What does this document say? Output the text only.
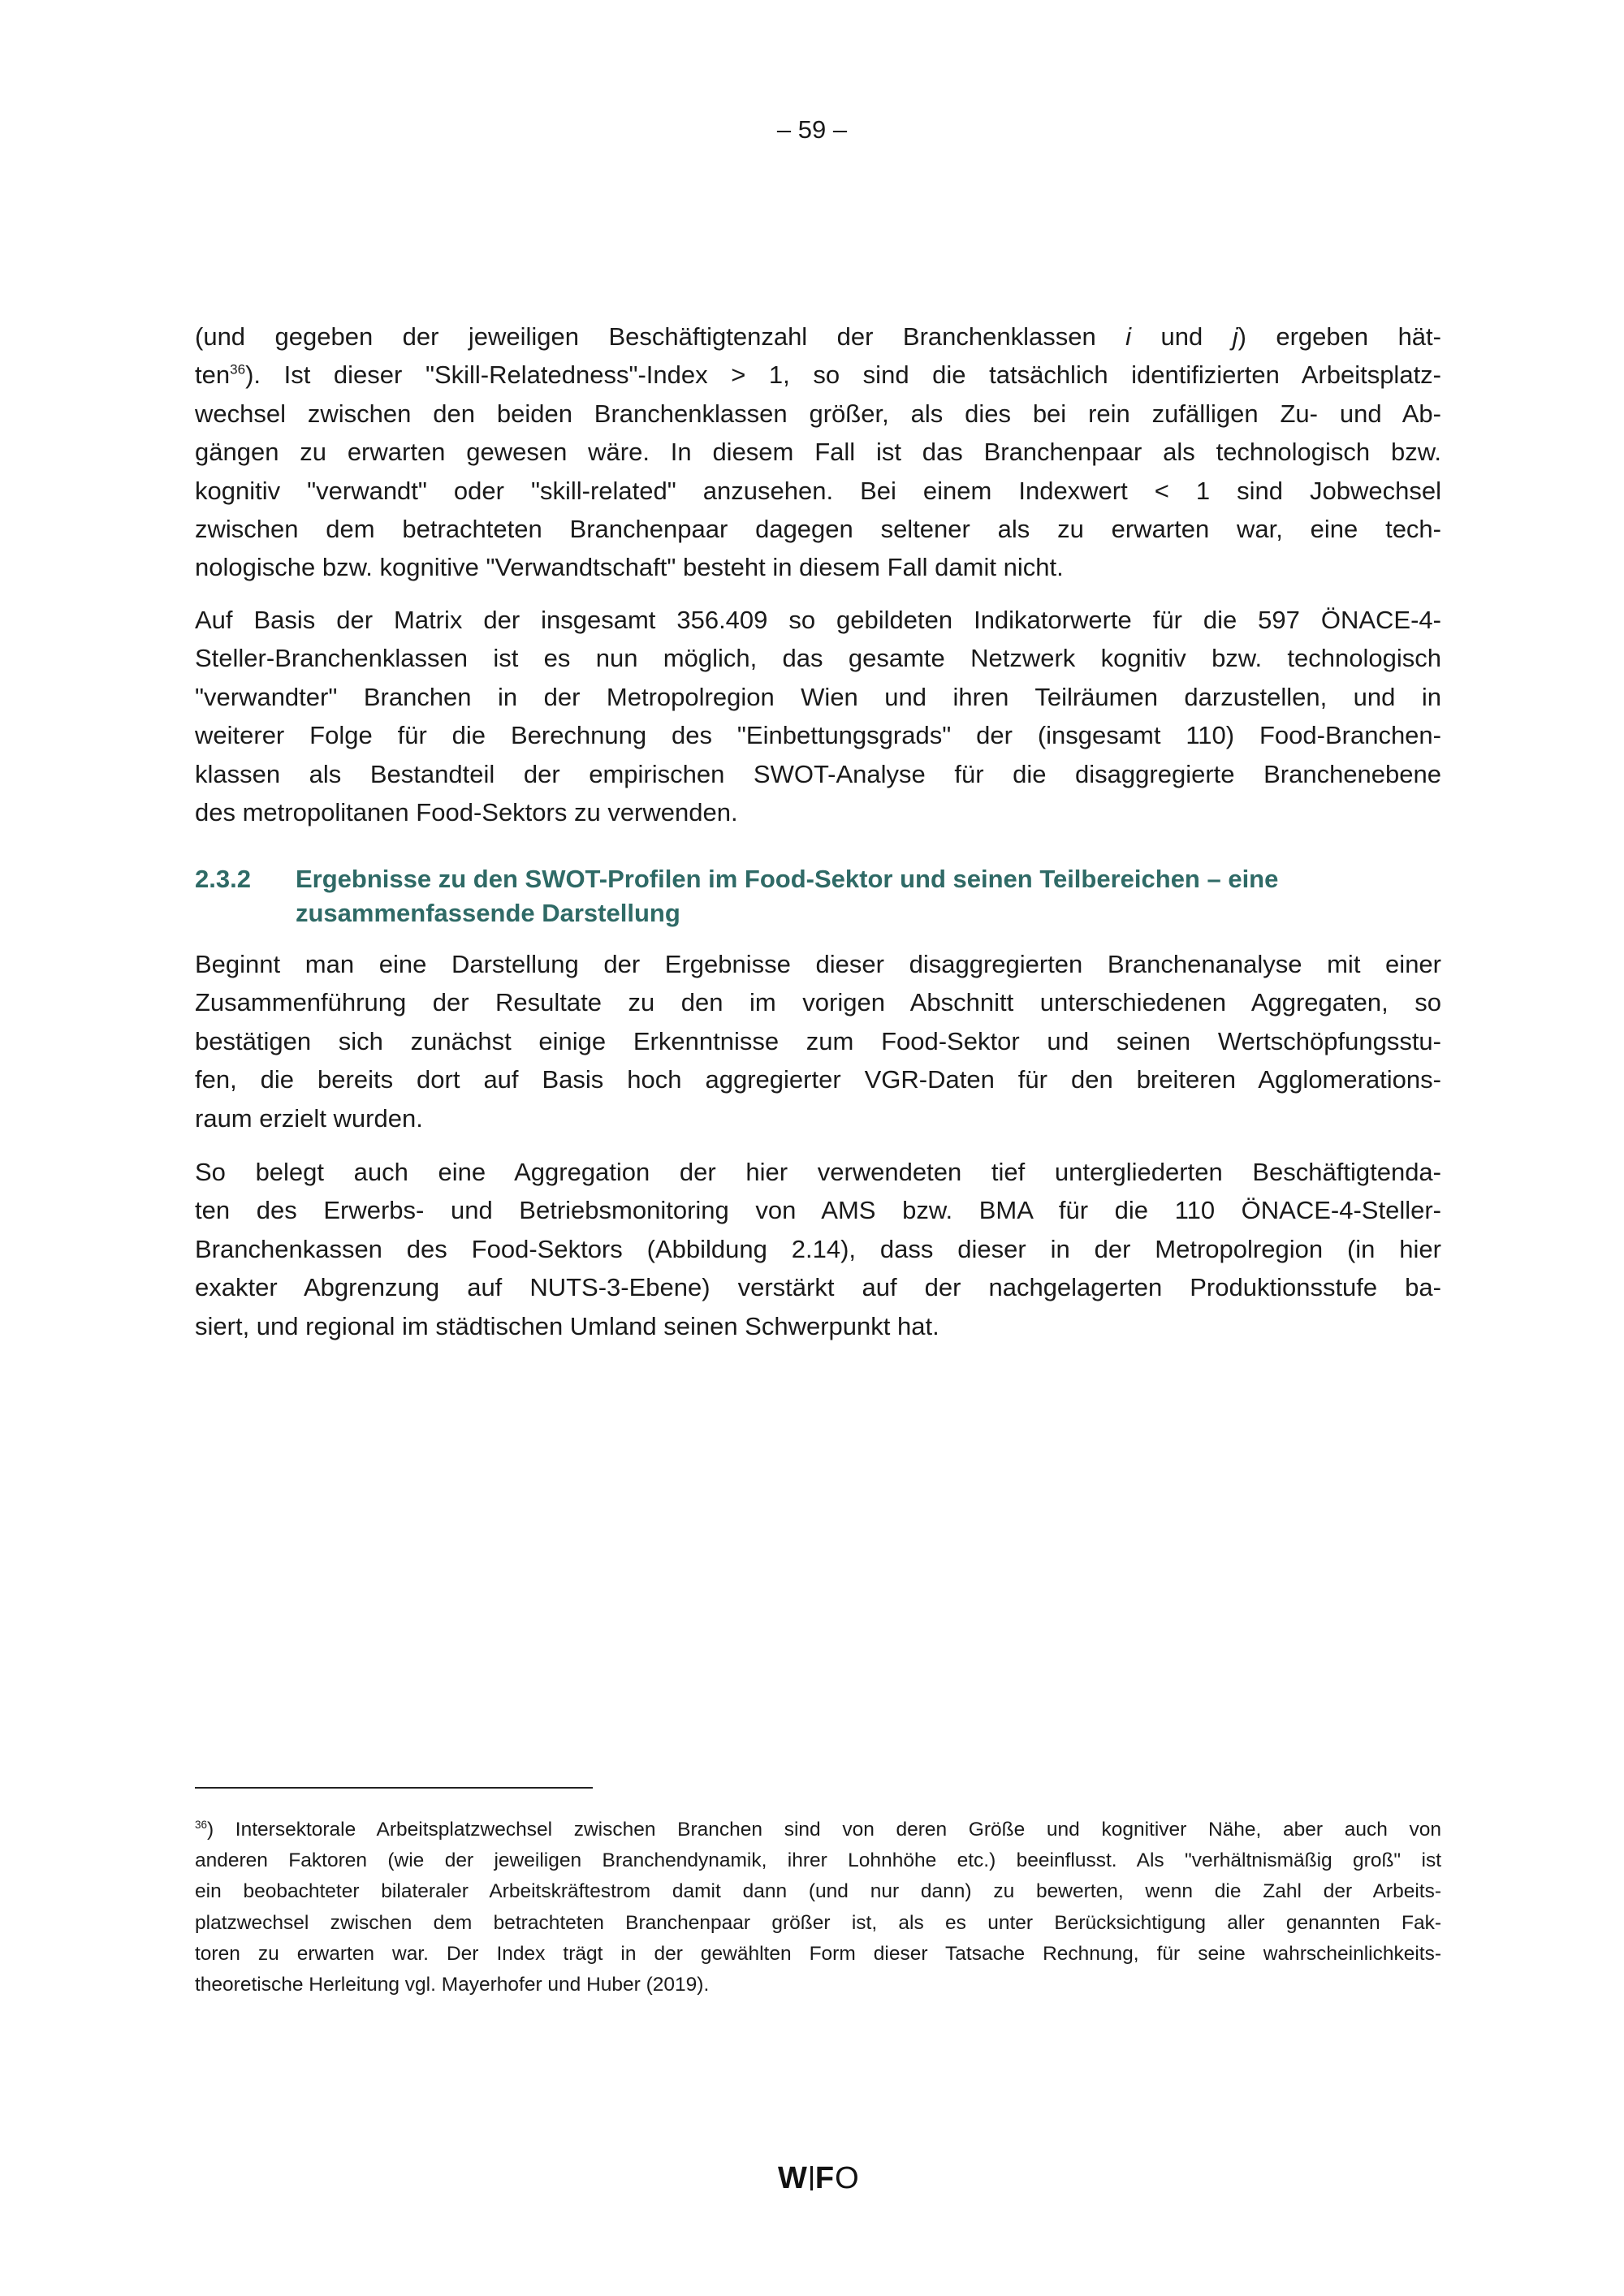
– 59 –
(und gegeben der jeweiligen Beschäftigtenzahl der Branchenklassen i und j) ergeben hät-
ten$^{36}$). Ist dieser "Skill-Relatedness"-Index > 1, so sind die tatsächlich identifizierten Arbeitsplatz-
wechsel zwischen den beiden Branchenklassen größer, als dies bei rein zufälligen Zu- und Ab-
gängen zu erwarten gewesen wäre. In diesem Fall ist das Branchenpaar als technologisch bzw.
kognitiv "verwandt" oder "skill-related" anzusehen. Bei einem Indexwert < 1 sind Jobwechsel
zwischen dem betrachteten Branchenpaar dagegen seltener als zu erwarten war, eine tech-
nologische bzw. kognitive "Verwandtschaft" besteht in diesem Fall damit nicht.
Auf Basis der Matrix der insgesamt 356.409 so gebildeten Indikatorwerte für die 597 ÖNACE-4-
Steller-Branchenklassen ist es nun möglich, das gesamte Netzwerk kognitiv bzw. technologisch
"verwandter" Branchen in der Metropolregion Wien und ihren Teilräumen darzustellen, und in
weiterer Folge für die Berechnung des "Einbettungsgrads" der (insgesamt 110) Food-Branchen-
klassen als Bestandteil der empirischen SWOT-Analyse für die disaggregierte Branchenebene
des metropolitanen Food-Sektors zu verwenden.
2.3.2 Ergebnisse zu den SWOT-Profilen im Food-Sektor und seinen Teilbereichen – eine zusammenfassende Darstellung
Beginnt man eine Darstellung der Ergebnisse dieser disaggregierten Branchenanalyse mit einer
Zusammenführung der Resultate zu den im vorigen Abschnitt unterschiedenen Aggregaten, so
bestätigen sich zunächst einige Erkenntnisse zum Food-Sektor und seinen Wertschöpfungsstu-
fen, die bereits dort auf Basis hoch aggregierter VGR-Daten für den breiteren Agglomerations-
raum erzielt wurden.
So belegt auch eine Aggregation der hier verwendeten tief untergliederten Beschäftigtenda-
ten des Erwerbs- und Betriebsmonitoring von AMS bzw. BMA für die 110 ÖNACE-4-Steller-
Branchenkassen des Food-Sektors (Abbildung 2.14), dass dieser in der Metropolregion (in hier
exakter Abgrenzung auf NUTS-3-Ebene) verstärkt auf der nachgelagerten Produktionsstufe ba-
siert, und regional im städtischen Umland seinen Schwerpunkt hat.
$^{36}$) Intersektorale Arbeitsplatzwechsel zwischen Branchen sind von deren Größe und kognitiver Nähe, aber auch von
anderen Faktoren (wie der jeweiligen Branchendynamik, ihrer Lohnhöhe etc.) beeinflusst. Als "verhältnismäßig groß" ist
ein beobachteter bilateraler Arbeitskräftestrom damit dann (und nur dann) zu bewerten, wenn die Zahl der Arbeits-
platzwechsel zwischen dem betrachteten Branchenpaar größer ist, als es unter Berücksichtigung aller genannten Fak-
toren zu erwarten war. Der Index trägt in der gewählten Form dieser Tatsache Rechnung, für seine wahrscheinlichkeits-
theoretische Herleitung vgl. Mayerhofer und Huber (2019).
W FO
